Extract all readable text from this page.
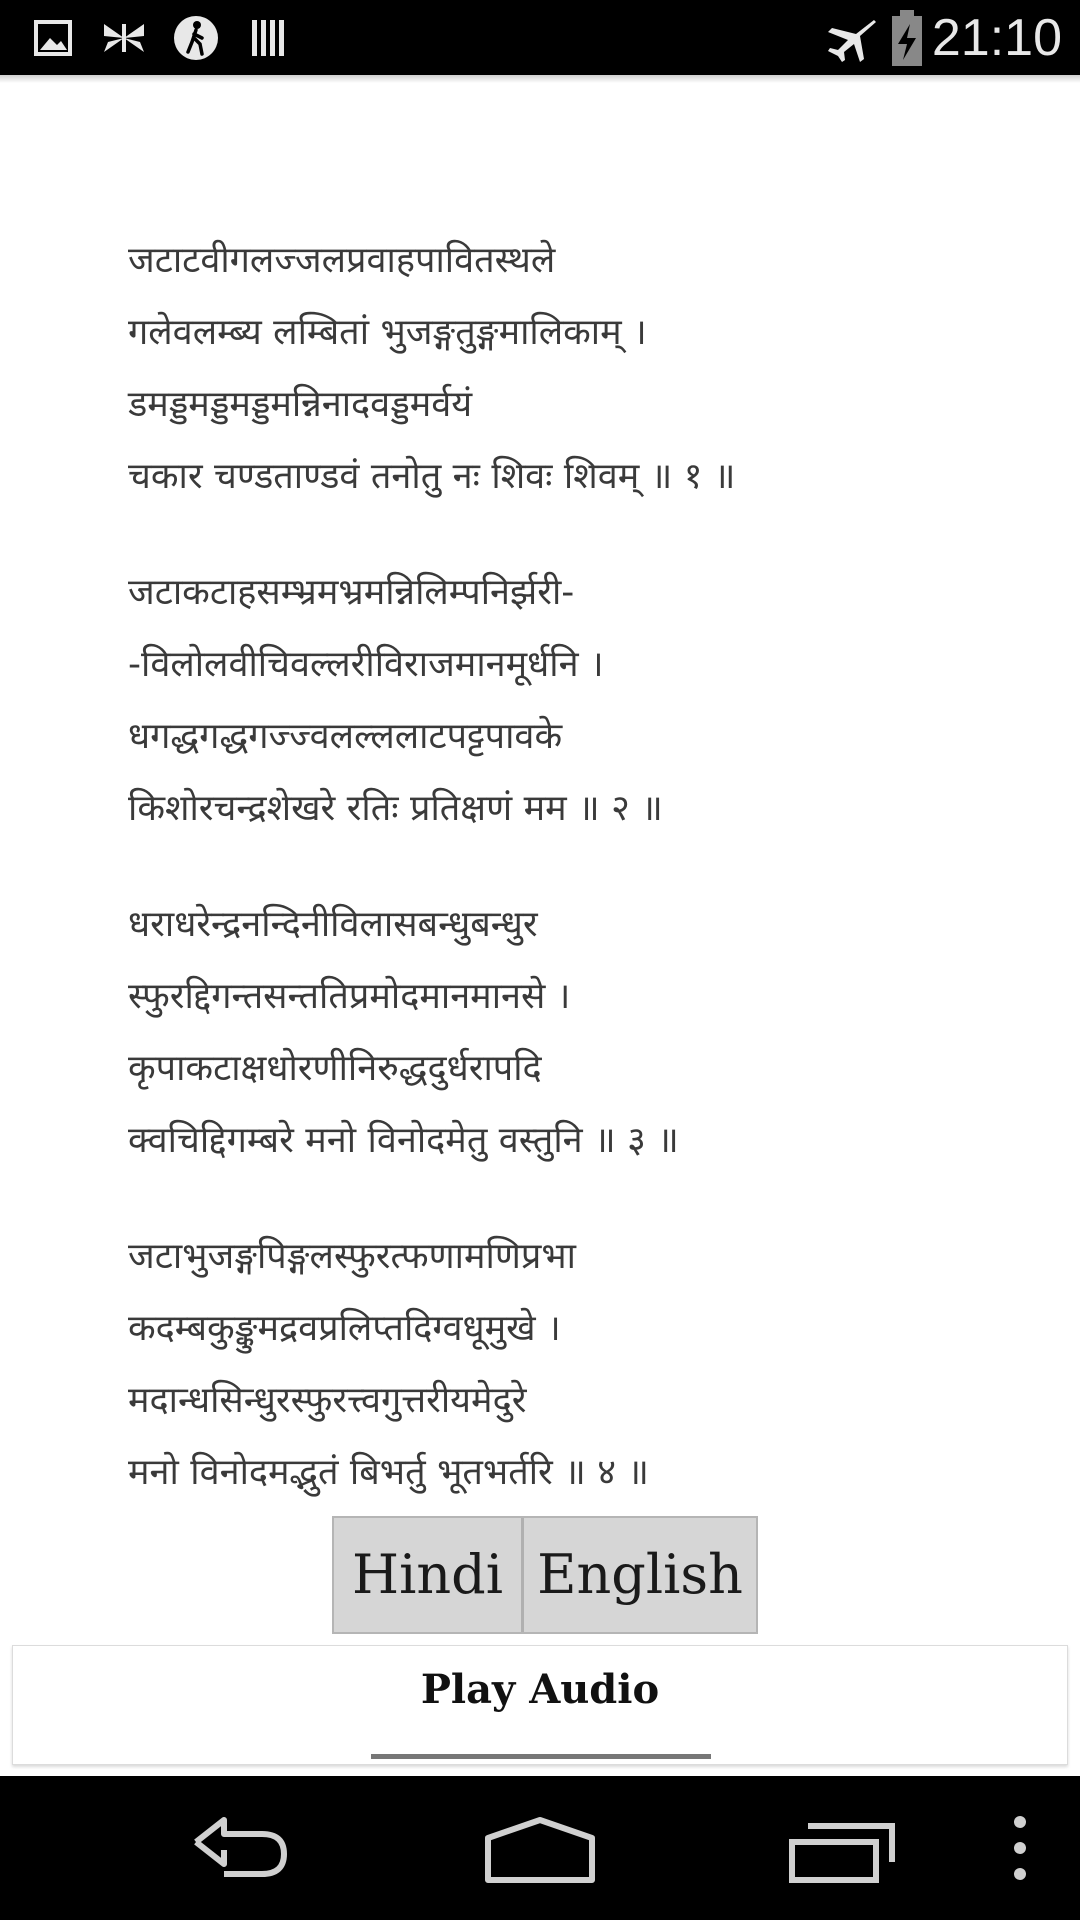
21:10
जटाटवीगलज्जलप्रवाहपावितस्थले
गलेवलम्ब्य लम्बितां भुजङ्गतुङ्गमालिकाम् ।
डमड्डमड्डमड्डमन्निनादवड्डमर्वयं
चकार चण्डताण्डवं तनोतु नः शिवः शिवम् ॥ १ ॥
जटाकटाहसम्भ्रमभ्रमन्निलिम्पनिर्झरी-
-विलोलवीचिवल्लरीविराजमानमूर्धनि ।
धगद्धगद्धगज्ज्वलल्ललाटपट्टपावके
किशोरचन्द्रशेखरे रतिः प्रतिक्षणं मम ॥ २ ॥
धराधरेन्द्रनन्दिनीविलासबन्धुबन्धुर
स्फुरद्दिगन्तसन्ततिप्रमोदमानमानसे ।
कृपाकटाक्षधोरणीनिरुद्धदुर्धरापदि
क्वचिद्दिगम्बरे मनो विनोदमेतु वस्तुनि ॥ ३ ॥
जटाभुजङ्गपिङ्गलस्फुरत्फणामणिप्रभा
कदम्बकुङ्कुमद्रवप्रलिप्तदिग्वधूमुखे ।
मदान्धसिन्धुरस्फुरत्त्वगुत्तरीयमेदुरे
मनो विनोदमद्भुतं बिभर्तु भूतभर्तरि ॥ ४ ॥
Hindi English
Play Audio
